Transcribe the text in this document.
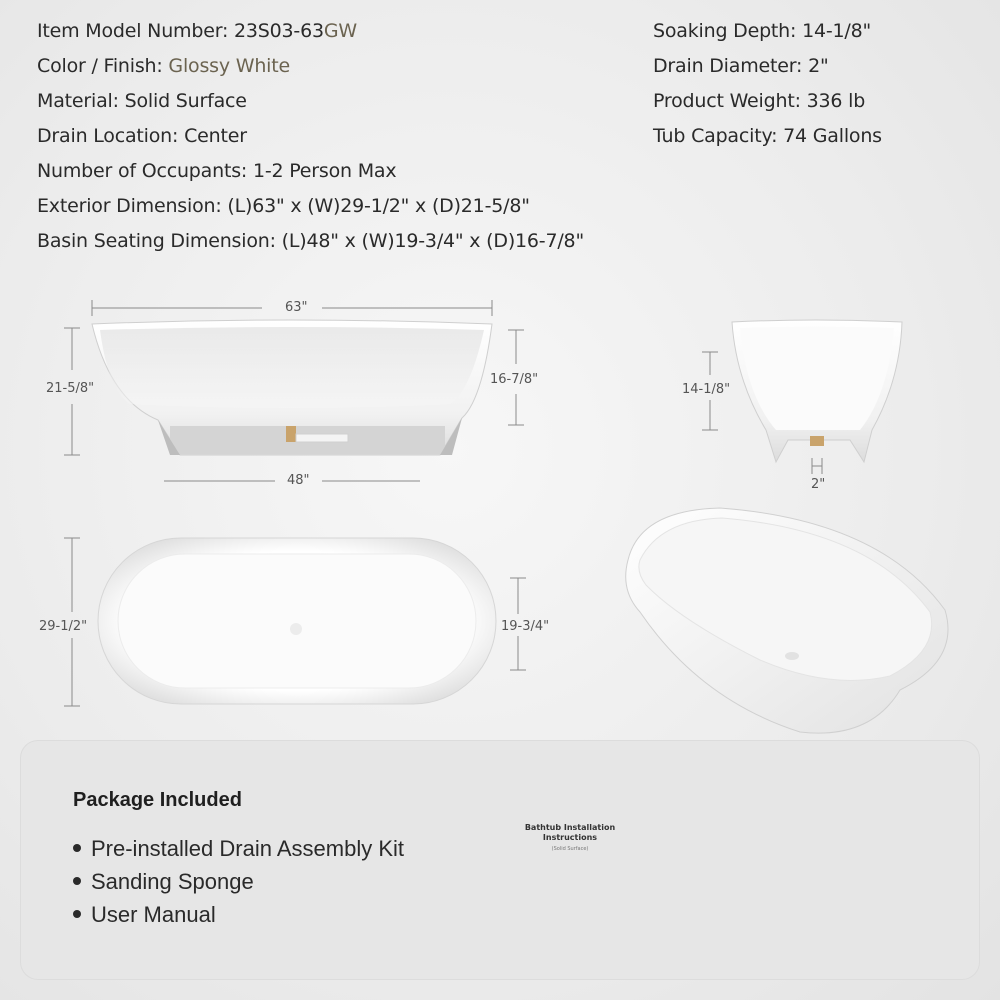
Item Model Number: 23S03-63GW
Color / Finish: Glossy White
Material: Solid Surface
Drain Location: Center
Number of Occupants: 1-2 Person Max
Exterior Dimension: (L)63" x (W)29-1/2" x (D)21-5/8"
Basin Seating Dimension: (L)48" x (W)19-3/4" x (D)16-7/8"
Soaking Depth: 14-1/8"
Drain Diameter: 2"
Product Weight: 336 lb
Tub Capacity: 74 Gallons
63"
21-5/8"
16-7/8"
48"
14-1/8"
2"
29-1/2"	19-3/4"
Package Included
Pre-installed Drain Assembly Kit
Sanding Sponge
User Manual
Bathtub Installation Instructions
(Solid Surface)
